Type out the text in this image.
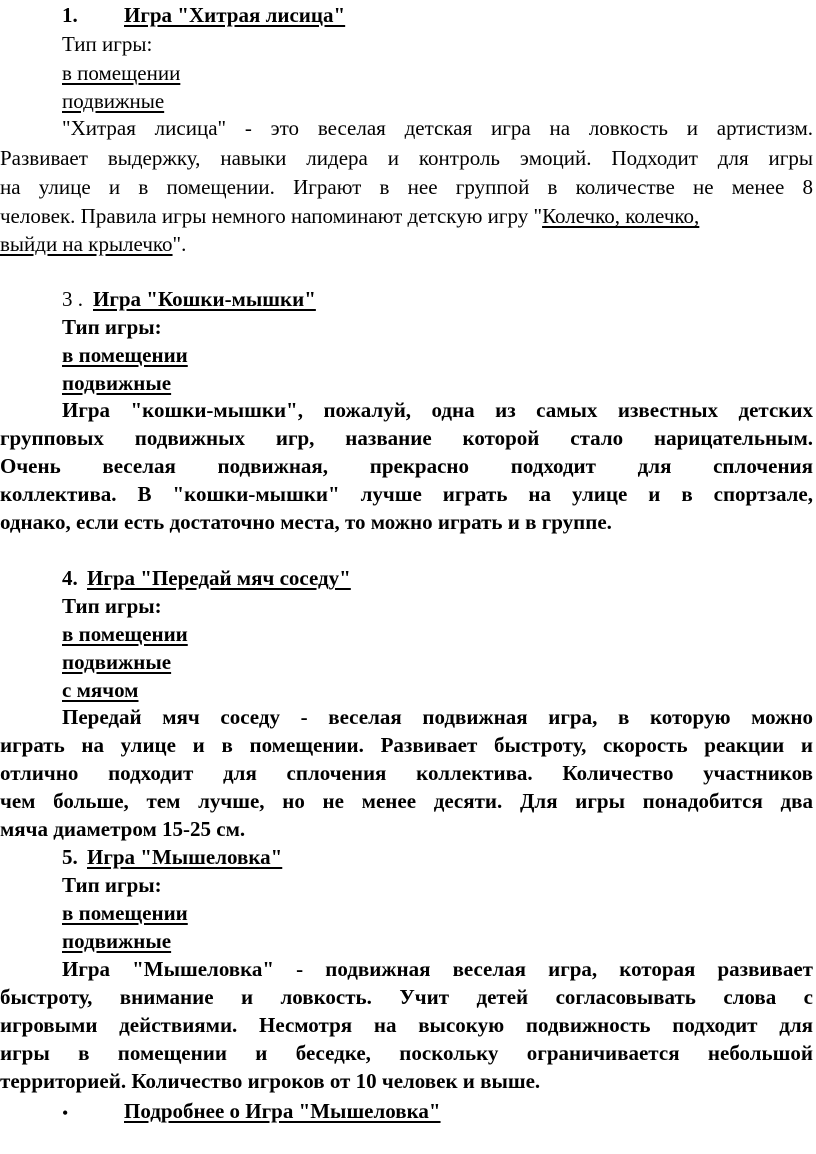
1. Игра "Хитрая лисица"
Тип игры:
в помещении
подвижные
"Хитрая лисица" - это веселая детская игра на ловкость и артистизм.
Развивает выдержку, навыки лидера и контроль эмоций. Подходит для игры
на улице и в помещении. Играют в нее группой в количестве не менее 8
человек. Правила игры немного напоминают детскую игру "Колечко, колечко,
выйди на крылечко".
3 . Игра "Кошки-мышки"
Тип игры:
в помещении
подвижные
Игра "кошки-мышки", пожалуй, одна из самых известных детских
групповых подвижных игр, название которой стало нарицательным.
Очень веселая подвижная, прекрасно подходит для сплочения
коллектива. В "кошки-мышки" лучше играть на улице и в спортзале,
однако, если есть достаточно места, то можно играть и в группе.
4. Игра "Передай мяч соседу"
Тип игры:
в помещении
подвижные
с мячом
Передай мяч соседу - веселая подвижная игра, в которую можно
играть на улице и в помещении. Развивает быстроту, скорость реакции и
отлично подходит для сплочения коллектива. Количество участников
чем больше, тем лучше, но не менее десяти. Для игры понадобится два
мяча диаметром 15-25 см.
5. Игра "Мышеловка"
Тип игры:
в помещении
подвижные
Игра "Мышеловка" - подвижная веселая игра, которая развивает
быстроту, внимание и ловкость. Учит детей согласовывать слова с
игровыми действиями. Несмотря на высокую подвижность подходит для
игры в помещении и беседке, поскольку ограничивается небольшой
территорией. Количество игроков от 10 человек и выше.
•	Подробнее о Игра "Мышеловка"
